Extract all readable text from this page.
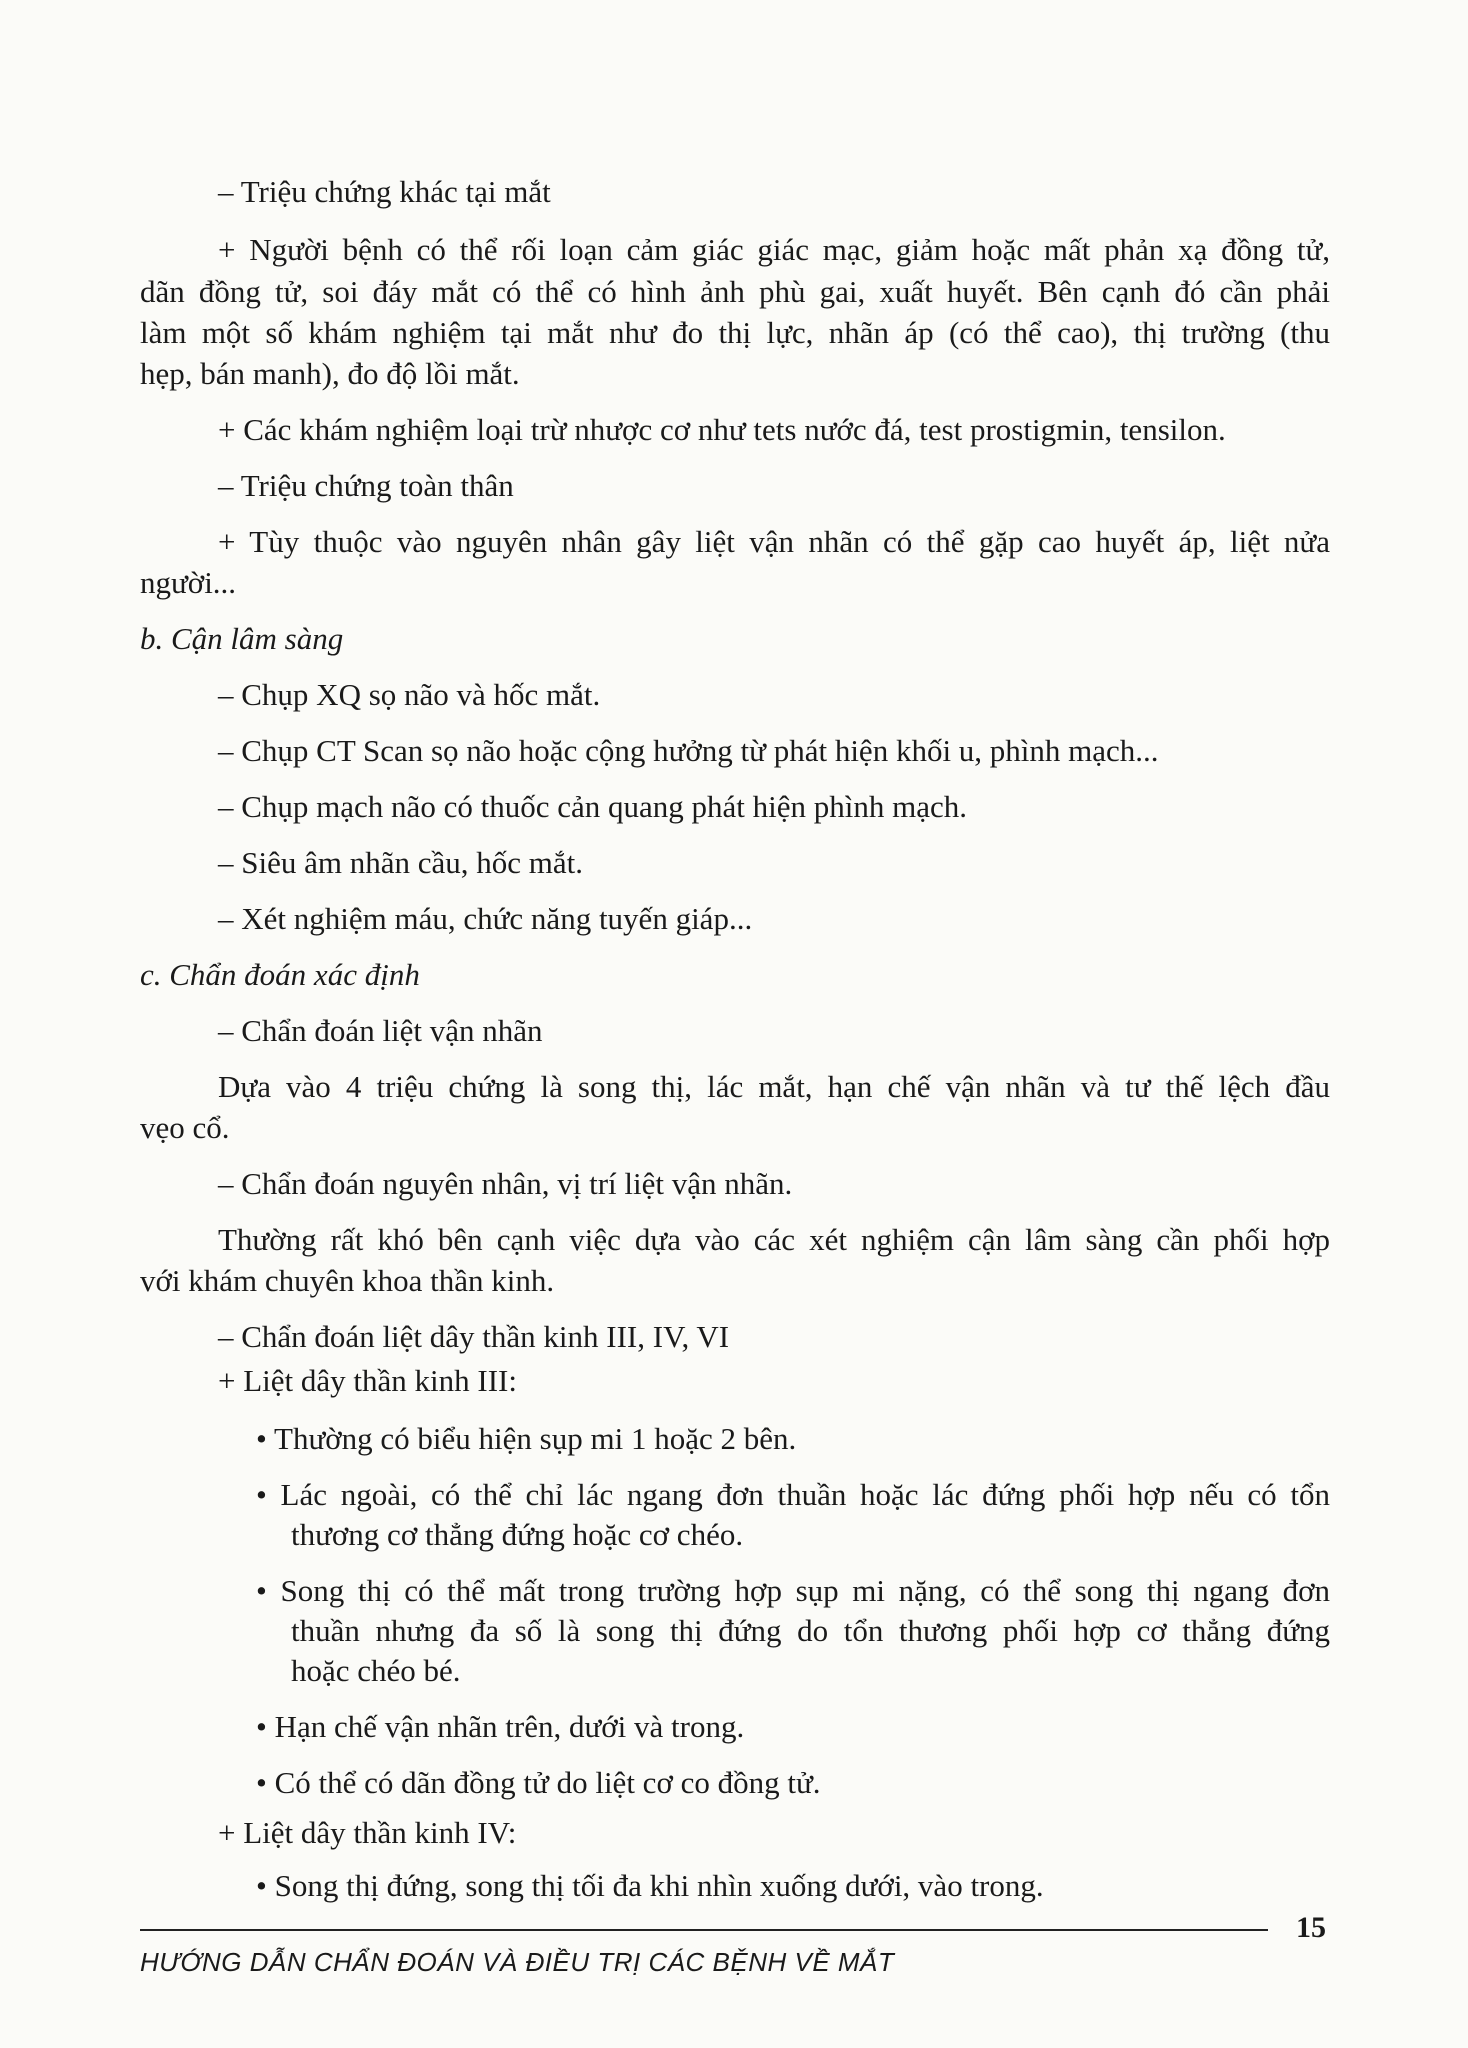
– Triệu chứng khác tại mắt
+ Người bệnh có thể rối loạn cảm giác giác mạc, giảm hoặc mất phản xạ đồng tử,
dãn đồng tử, soi đáy mắt có thể có hình ảnh phù gai, xuất huyết. Bên cạnh đó cần phải
làm một số khám nghiệm tại mắt như đo thị lực, nhãn áp (có thể cao), thị trường (thu
hẹp, bán manh), đo độ lồi mắt.
+ Các khám nghiệm loại trừ nhược cơ như tets nước đá, test prostigmin, tensilon.
– Triệu chứng toàn thân
+ Tùy thuộc vào nguyên nhân gây liệt vận nhãn có thể gặp cao huyết áp, liệt nửa
người...
b. Cận lâm sàng
– Chụp XQ sọ não và hốc mắt.
– Chụp CT Scan sọ não hoặc cộng hưởng từ phát hiện khối u, phình mạch...
– Chụp mạch não có thuốc cản quang phát hiện phình mạch.
– Siêu âm nhãn cầu, hốc mắt.
– Xét nghiệm máu, chức năng tuyến giáp...
c. Chẩn đoán xác định
– Chẩn đoán liệt vận nhãn
Dựa vào 4 triệu chứng là song thị, lác mắt, hạn chế vận nhãn và tư thế lệch đầu
vẹo cổ.
– Chẩn đoán nguyên nhân, vị trí liệt vận nhãn.
Thường rất khó bên cạnh việc dựa vào các xét nghiệm cận lâm sàng cần phối hợp
với khám chuyên khoa thần kinh.
– Chẩn đoán liệt dây thần kinh III, IV, VI
+ Liệt dây thần kinh III:
• Thường có biểu hiện sụp mi 1 hoặc 2 bên.
• Lác ngoài, có thể chỉ lác ngang đơn thuần hoặc lác đứng phối hợp nếu có tổn
thương cơ thẳng đứng hoặc cơ chéo.
• Song thị có thể mất trong trường hợp sụp mi nặng, có thể song thị ngang đơn
thuần nhưng đa số là song thị đứng do tổn thương phối hợp cơ thẳng đứng
hoặc chéo bé.
• Hạn chế vận nhãn trên, dưới và trong.
• Có thể có dãn đồng tử do liệt cơ co đồng tử.
+ Liệt dây thần kinh IV:
• Song thị đứng, song thị tối đa khi nhìn xuống dưới, vào trong.
15
HƯỚNG DẪN CHẨN ĐOÁN VÀ ĐIỀU TRỊ CÁC BỆNH VỀ MẮT
